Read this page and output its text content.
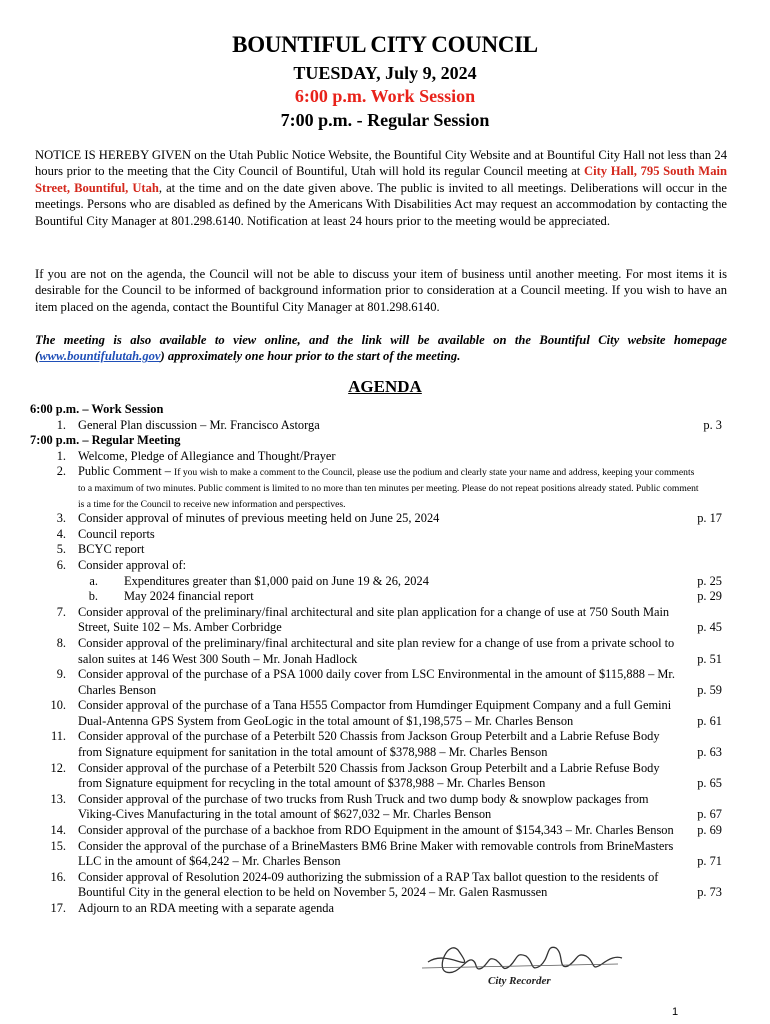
BOUNTIFUL CITY COUNCIL
TUESDAY, July 9, 2024
6:00 p.m. Work Session
7:00 p.m. - Regular Session
NOTICE IS HEREBY GIVEN on the Utah Public Notice Website, the Bountiful City Website and at Bountiful City Hall not less than 24 hours prior to the meeting that the City Council of Bountiful, Utah will hold its regular Council meeting at City Hall, 795 South Main Street, Bountiful, Utah, at the time and on the date given above. The public is invited to all meetings. Deliberations will occur in the meetings. Persons who are disabled as defined by the Americans With Disabilities Act may request an accommodation by contacting the Bountiful City Manager at 801.298.6140. Notification at least 24 hours prior to the meeting would be appreciated.
If you are not on the agenda, the Council will not be able to discuss your item of business until another meeting. For most items it is desirable for the Council to be informed of background information prior to consideration at a Council meeting. If you wish to have an item placed on the agenda, contact the Bountiful City Manager at 801.298.6140.
The meeting is also available to view online, and the link will be available on the Bountiful City website homepage (www.bountifulutah.gov) approximately one hour prior to the start of the meeting.
AGENDA
6:00 p.m. – Work Session
1. General Plan discussion – Mr. Francisco Astorga	p. 3
7:00 p.m. – Regular Meeting
1. Welcome, Pledge of Allegiance and Thought/Prayer
2. Public Comment – If you wish to make a comment to the Council, please use the podium and clearly state your name and address, keeping your comments to a maximum of two minutes. Public comment is limited to no more than ten minutes per meeting. Please do not repeat positions already stated. Public comment is a time for the Council to receive new information and perspectives.
3. Consider approval of minutes of previous meeting held on June 25, 2024	p. 17
4. Council reports
5. BCYC report
6. Consider approval of:
a. Expenditures greater than $1,000 paid on June 19 & 26, 2024	p. 25
b. May 2024 financial report	p. 29
7. Consider approval of the preliminary/final architectural and site plan application for a change of use at 750 South Main Street, Suite 102 – Ms. Amber Corbridge	p. 45
8. Consider approval of the preliminary/final architectural and site plan review for a change of use from a private school to salon suites at 146 West 300 South – Mr. Jonah Hadlock	p. 51
9. Consider approval of the purchase of a PSA 1000 daily cover from LSC Environmental in the amount of $115,888 – Mr. Charles Benson	p. 59
10. Consider approval of the purchase of a Tana H555 Compactor from Humdinger Equipment Company and a full Gemini Dual-Antenna GPS System from GeoLogic in the total amount of $1,198,575 – Mr. Charles Benson	p. 61
11. Consider approval of the purchase of a Peterbilt 520 Chassis from Jackson Group Peterbilt and a Labrie Refuse Body from Signature equipment for sanitation in the total amount of $378,988 – Mr. Charles Benson	p. 63
12. Consider approval of the purchase of a Peterbilt 520 Chassis from Jackson Group Peterbilt and a Labrie Refuse Body from Signature equipment for recycling in the total amount of $378,988 – Mr. Charles Benson	p. 65
13. Consider approval of the purchase of two trucks from Rush Truck and two dump body & snowplow packages from Viking-Cives Manufacturing in the total amount of $627,032 – Mr. Charles Benson	p. 67
14. Consider approval of the purchase of a backhoe from RDO Equipment in the amount of $154,343 – Mr. Charles Benson	p. 69
15. Consider the approval of the purchase of a BrineMasters BM6 Brine Maker with removable controls from BrineMasters LLC in the amount of $64,242 – Mr. Charles Benson	p. 71
16. Consider approval of Resolution 2024-09 authorizing the submission of a RAP Tax ballot question to the residents of Bountiful City in the general election to be held on November 5, 2024 – Mr. Galen Rasmussen	p. 73
17. Adjourn to an RDA meeting with a separate agenda
City Recorder
1
